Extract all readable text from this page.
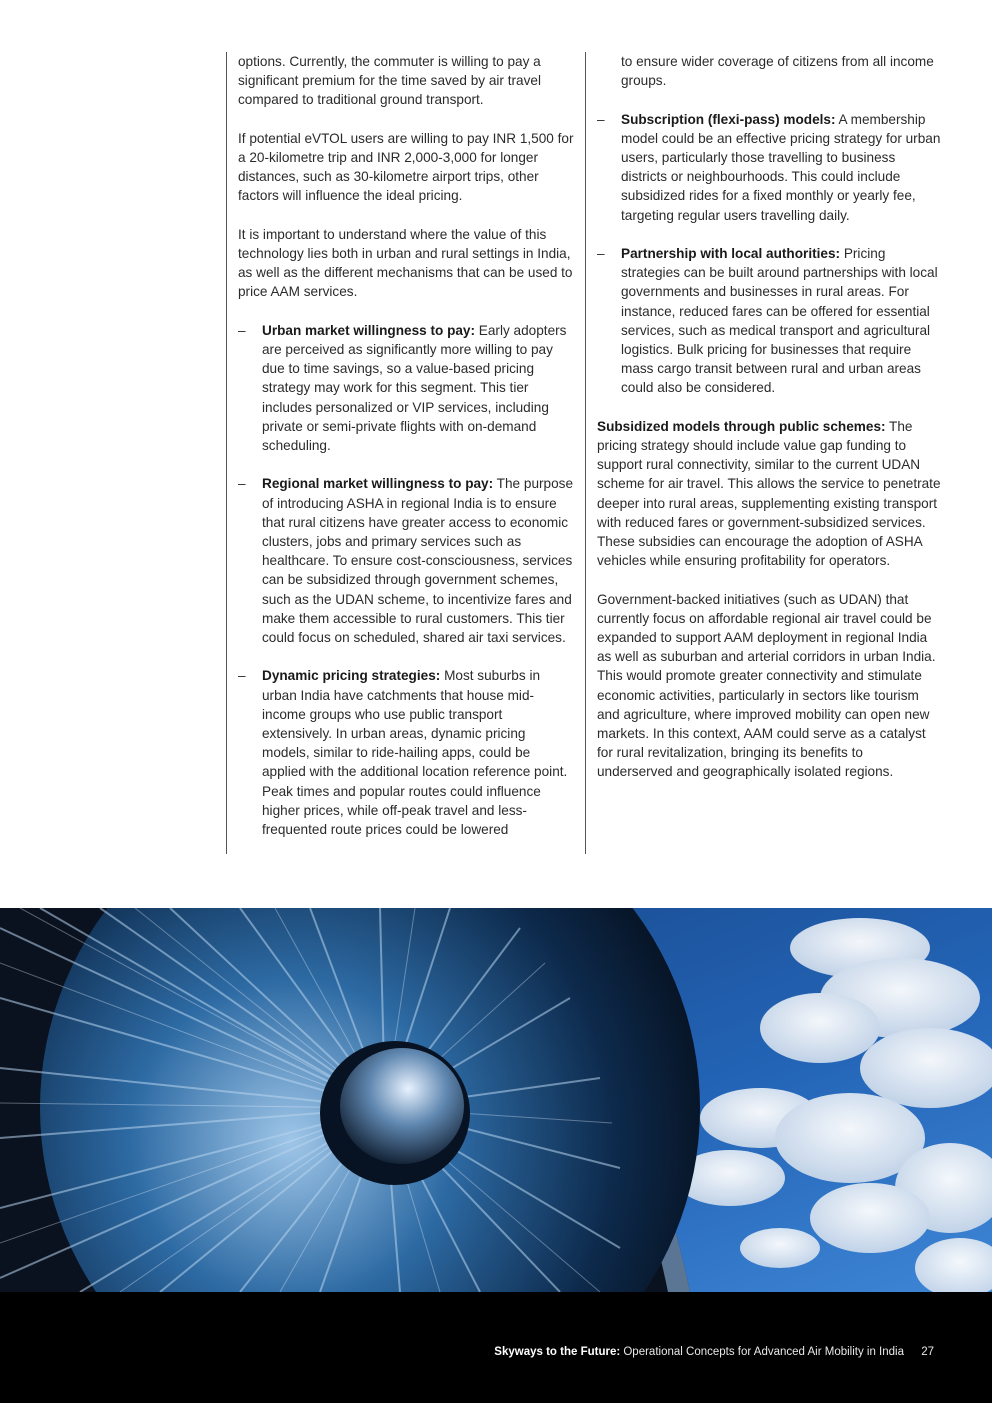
options. Currently, the commuter is willing to pay a significant premium for the time saved by air travel compared to traditional ground transport.

If potential eVTOL users are willing to pay INR 1,500 for a 20-kilometre trip and INR 2,000-3,000 for longer distances, such as 30-kilometre airport trips, other factors will influence the ideal pricing.

It is important to understand where the value of this technology lies both in urban and rural settings in India, as well as the different mechanisms that can be used to price AAM services.

– Urban market willingness to pay: Early adopters are perceived as significantly more willing to pay due to time savings, so a value-based pricing strategy may work for this segment. This tier includes personalized or VIP services, including private or semi-private flights with on-demand scheduling.
– Regional market willingness to pay: The purpose of introducing ASHA in regional India is to ensure that rural citizens have greater access to economic clusters, jobs and primary services such as healthcare. To ensure cost-consciousness, services can be subsidized through government schemes, such as the UDAN scheme, to incentivize fares and make them accessible to rural customers. This tier could focus on scheduled, shared air taxi services.
– Dynamic pricing strategies: Most suburbs in urban India have catchments that house mid-income groups who use public transport extensively. In urban areas, dynamic pricing models, similar to ride-hailing apps, could be applied with the additional location reference point. Peak times and popular routes could influence higher prices, while off-peak travel and less-frequented route prices could be lowered

to ensure wider coverage of citizens from all income groups.

– Subscription (flexi-pass) models: A membership model could be an effective pricing strategy for urban users, particularly those travelling to business districts or neighbourhoods. This could include subsidized rides for a fixed monthly or yearly fee, targeting regular users travelling daily.
– Partnership with local authorities: Pricing strategies can be built around partnerships with local governments and businesses in rural areas. For instance, reduced fares can be offered for essential services, such as medical transport and agricultural logistics. Bulk pricing for businesses that require mass cargo transit between rural and urban areas could also be considered.

Subsidized models through public schemes: The pricing strategy should include value gap funding to support rural connectivity, similar to the current UDAN scheme for air travel. This allows the service to penetrate deeper into rural areas, supplementing existing transport with reduced fares or government-subsidized services. These subsidies can encourage the adoption of ASHA vehicles while ensuring profitability for operators.

Government-backed initiatives (such as UDAN) that currently focus on affordable regional air travel could be expanded to support AAM deployment in regional India as well as suburban and arterial corridors in urban India. This would promote greater connectivity and stimulate economic activities, particularly in sectors like tourism and agriculture, where improved mobility can open new markets. In this context, AAM could serve as a catalyst for rural revitalization, bringing its benefits to underserved and geographically isolated regions.

Skyways to the Future: Operational Concepts for Advanced Air Mobility in India 27
